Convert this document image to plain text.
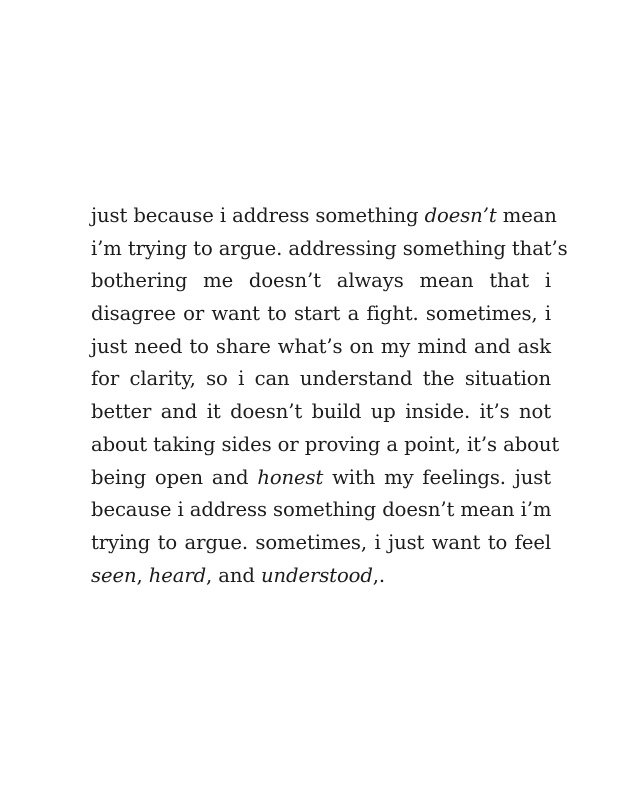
just because i address something doesn’t mean
i’m trying to argue. addressing something that’s
bothering me doesn’t always mean that i
disagree or want to start a fight. sometimes, i
just need to share what’s on my mind and ask
for clarity, so i can understand the situation
better and it doesn’t build up inside. it’s not
about taking sides or proving a point, it’s about
being open and honest with my feelings. just
because i address something doesn’t mean i’m
trying to argue. sometimes, i just want to feel
seen, heard, and understood,.
